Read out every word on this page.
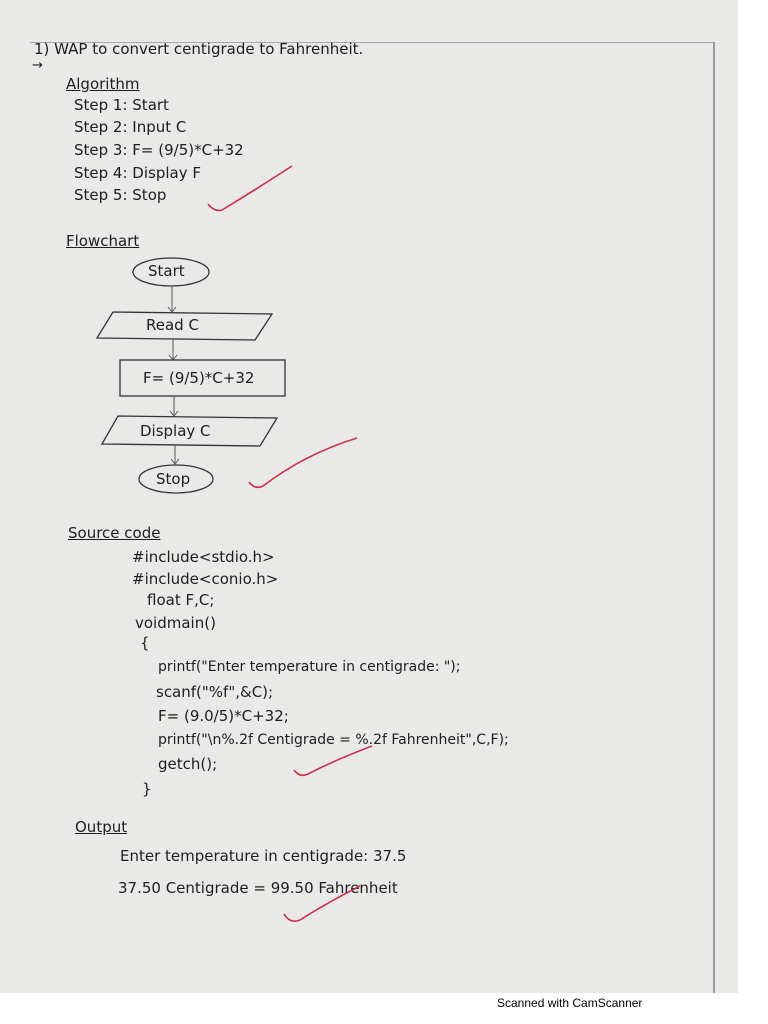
1) WAP to convert centigrade to Fahrenheit.
→
Algorithm
Step 1: Start
Step 2: Input C
Step 3: F= (9/5)*C+32
Step 4: Display F
Step 5: Stop
Flowchart
Start
Read C
F= (9/5)*C+32
Display C
Stop
Source code
#include<stdio.h>
#include<conio.h>
float F,C;
voidmain()
{
printf("Enter temperature in centigrade: ");
scanf("%f",&C);
F= (9.0/5)*C+32;
printf("\n%.2f Centigrade = %.2f Fahrenheit",C,F);
getch();
}
Output
Enter temperature in centigrade: 37.5
37.50 Centigrade = 99.50 Fahrenheit
Scanned with CamScanner
